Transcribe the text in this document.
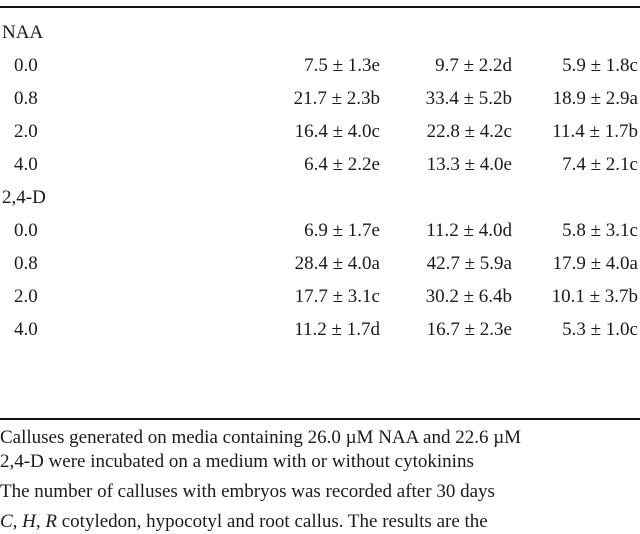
NAA
0.0	7.5 ± 1.3e	9.7 ± 2.2d	5.9 ± 1.8c
0.8	21.7 ± 2.3b 33.4 ± 5.2b 18.9 ± 2.9a
2.0	16.4 ± 4.0c 22.8 ± 4.2c 11.4 ± 1.7b
4.0	6.4 ± 2.2e 13.3 ± 4.0e	7.4 ± 2.1c
2,4-D
0.0	6.9 ± 1.7e 11.2 ± 4.0d	5.8 ± 3.1c
0.8	28.4 ± 4.0a 42.7 ± 5.9a 17.9 ± 4.0a
2.0	17.7 ± 3.1c 30.2 ± 6.4b 10.1 ± 3.7b
4.0	11.2 ± 1.7d 16.7 ± 2.3e	5.3 ± 1.0c

Calluses generated on media containing 26.0 µM NAA and 22.6 µM

2,4-D were incubated on a medium with or without cytokinins

The number of calluses with embryos was recorded after 30 days

C, H, R cotyledon, hypocotyl and root callus. The results are the
